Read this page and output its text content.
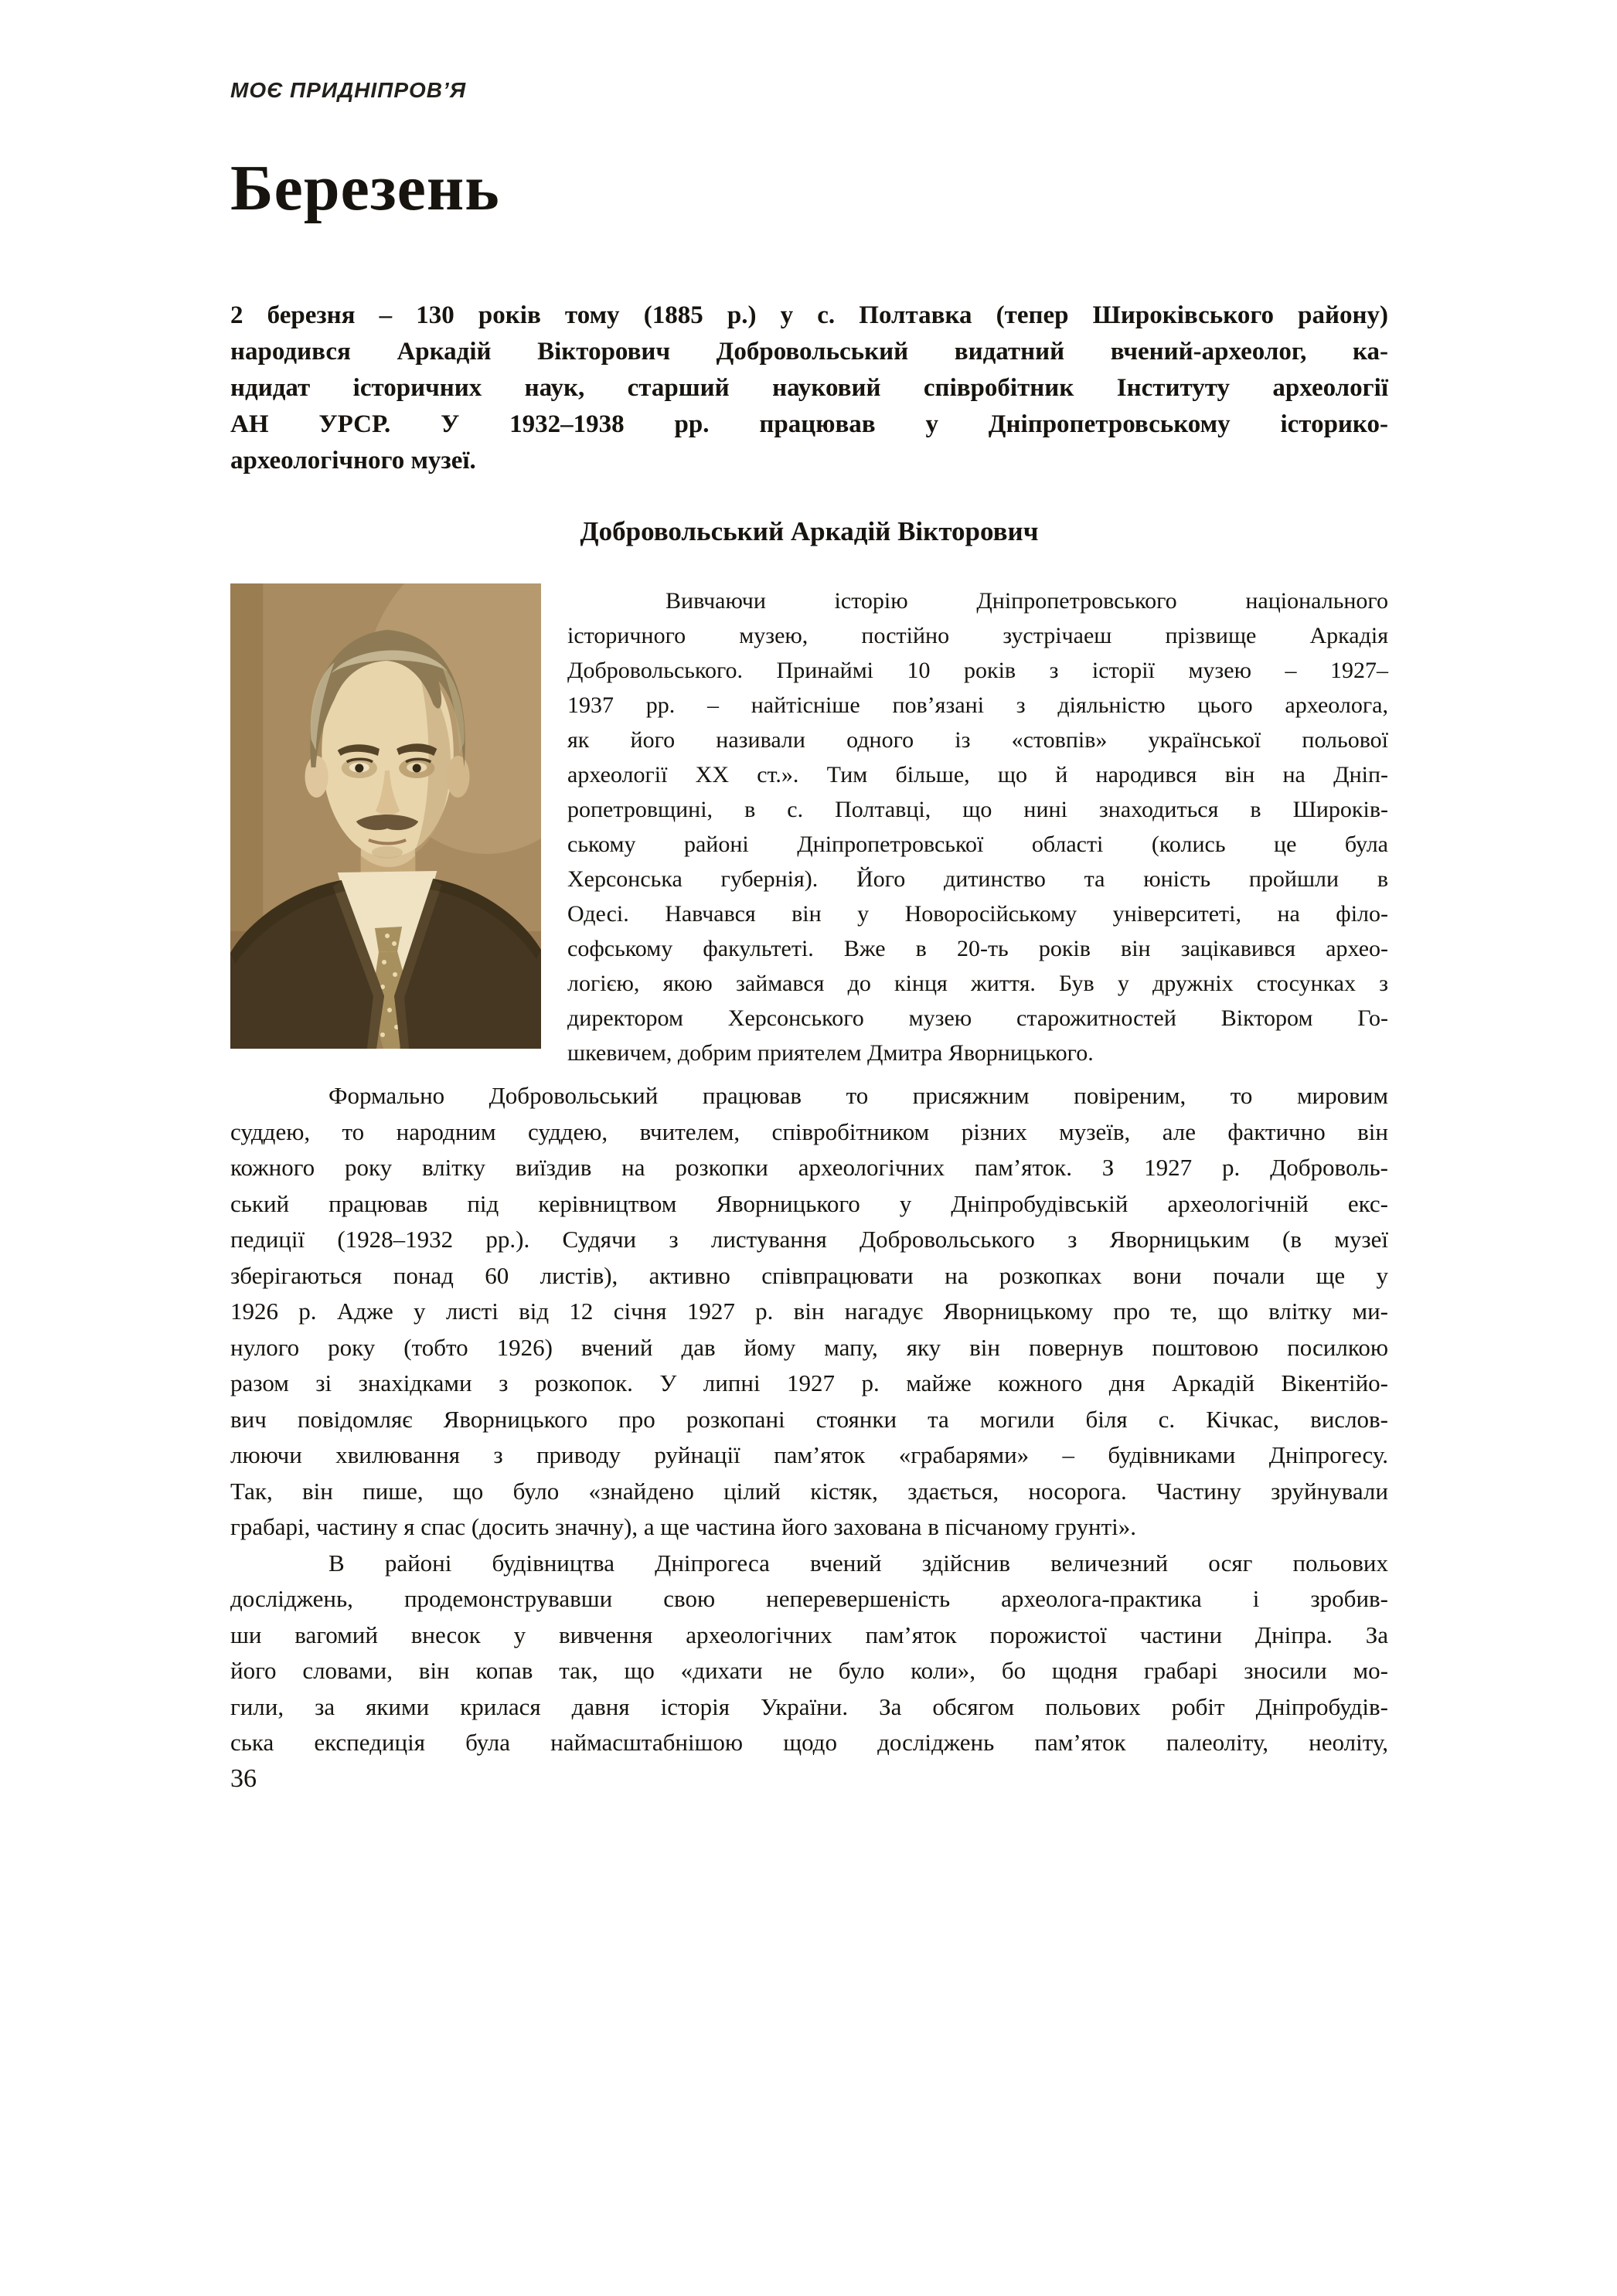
МОЄ ПРИДНІПРОВ’Я
Березень
2 березня – 130 років тому (1885 р.) у с. Полтавка (тепер Широківського району)
народився Аркадій Вікторович Добровольський видатний вчений-археолог, ка-
ндидат історичних наук, старший науковий співробітник Інституту археології
АН УРСР. У 1932–1938 рр. працював у Дніпропетровському історико-
археологічного музеї.
Добровольський Аркадій Вікторович
Вивчаючи історію Дніпропетровського національного
історичного музею, постійно зустрічаеш прізвище Аркадія
Добровольського. Принаймі 10 років з історії музею – 1927–
1937 рр. – найтісніше пов’язані з діяльністю цього археолога,
як його називали одного із «стовпів» української польової
археології ХХ ст.». Тим більше, що й народився він на Дніп-
ропетровщині, в с. Полтавці, що нині знаходиться в Широків-
ському районі Дніпропетровської області (колись це була
Херсонська губернія). Його дитинство та юність пройшли в
Одесі. Навчався він у Новоросійському університеті, на філо-
софському факультеті. Вже в 20-ть років він зацікавився архео-
логією, якою займався до кінця життя. Був у дружніх стосунках з
директором Херсонського музею старожитностей Віктором Го-
шкевичем, добрим приятелем Дмитра Яворницького.
Формально Добровольський працював то присяжним повіреним, то мировим
суддею, то народним суддею, вчителем, співробітником різних музеїв, але фактично він
кожного року влітку виїздив на розкопки археологічних пам’яток. З 1927 р. Доброволь-
ський працював під керівництвом Яворницького у Дніпробудівській археологічній екс-
педиції (1928–1932 рр.). Судячи з листування Добровольського з Яворницьким (в музеї
зберігаються понад 60 листів), активно співпрацювати на розкопках вони почали ще у
1926 р. Адже у листі від 12 січня 1927 р. він нагадує Яворницькому про те, що влітку ми-
нулого року (тобто 1926) вчений дав йому мапу, яку він повернув поштовою посилкою
разом зі знахідками з розкопок. У липні 1927 р. майже кожного дня Аркадій Вікентійо-
вич повідомляє Яворницького про розкопані стоянки та могили біля с. Кічкас, вислов-
люючи хвилювання з приводу руйнації пам’яток «грабарями» – будівниками Дніпрогесу.
Так, він пише, що було «знайдено цілий кістяк, здається, носорога. Частину зруйнували
грабарі, частину я спас (досить значну), а ще частина його захована в пісчаному грунті».
В районі будівництва Дніпрогеса вчений здійснив величезний осяг польових
досліджень, продемонструвавши свою неперевершеність археолога-практика і зробив-
ши вагомий внесок у вивчення археологічних пам’яток порожистої частини Дніпра. За
його словами, він копав так, що «дихати не було коли», бо щодня грабарі зносили мо-
гили, за якими крилася давня історія України. За обсягом польових робіт Дніпробудів-
ська експедиція була наймасштабнішою щодо досліджень пам’яток палеоліту, неоліту,
36
